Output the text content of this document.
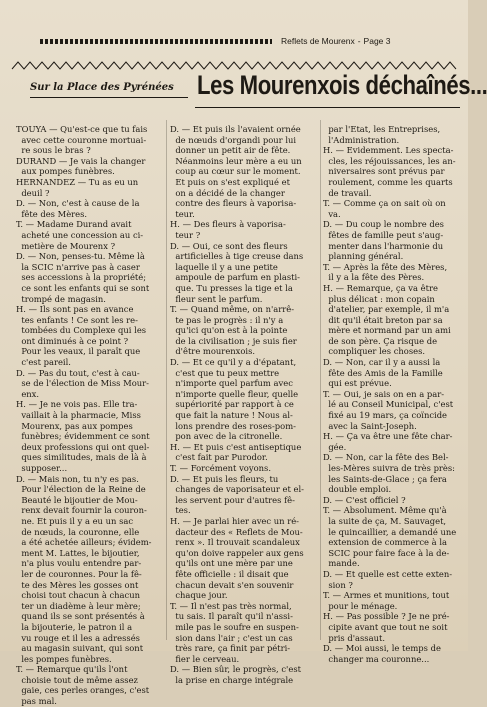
Reflets de Mourenx - Page 3
Sur la Place des Pyrénées Les Mourenxois déchaînés...

TOUYA — Qu'est-ce que tu fais

avec cette couronne mortuai-

re sous le bras ?

DURAND — Je vais la changer

aux pompes funèbres.

HERNANDEZ — Tu as eu un

deuil ?

D. — Non, c'est à cause de la

fête des Mères.

T. — Madame Durand avait

acheté une concession au ci-

metière de Mourenx ?

D. — Non, penses-tu. Même là

la SCIC n'arrive pas à caser

ses accessions à la propriété;

ce sont les enfants qui se sont

trompé de magasin.

H. — Ils sont pas en avance

tes enfants ! Ce sont les re-

tombées du Complexe qui les

ont diminués à ce point ?

Pour les veaux, il paraît que

c'est pareil.

D. — Pas du tout, c'est à cau-

se de l'élection de Miss Mour-

enx.

H. — Je ne vois pas. Elle tra-

vaillait à la pharmacie, Miss

Mourenx, pas aux pompes

funèbres; évidemment ce sont

deux professions qui ont quel-

ques similitudes, mais de là à

supposer...

D. — Mais non, tu n'y es pas.

Pour l'élection de la Reine de

Beauté le bijoutier de Mou-

renx devait fournir la couron-

ne. Et puis il y a eu un sac

de nœuds, la couronne, elle

a été achetée ailleurs; évidem-

ment M. Lattes, le bijoutier,

n'a plus voulu entendre par-

ler de couronnes. Pour la fê-

te des Mères les gosses ont

choisi tout chacun à chacun

ter un diadème à leur mère;

quand ils se sont présentés à

la bijouterie, le patron il a

vu rouge et il les a adressés

au magasin suivant, qui sont

les pompes funèbres.

T. — Remarque qu'ils l'ont

choisie tout de même assez

gaie, ces perles oranges, c'est

pas mal.

D. — Et puis ils l'avaient ornée

de nœuds d'organdi pour lui

donner un petit air de fête.

Néanmoins leur mère a eu un

coup au cœur sur le moment.

Et puis on s'est expliqué et

on a décidé de la changer

contre des fleurs à vaporisa-

teur.

H. — Des fleurs à vaporisa-

teur ?

D. — Oui, ce sont des fleurs

artificielles à tige creuse dans

laquelle il y a une petite

ampoule de parfum en plasti-

que. Tu presses la tige et la

fleur sent le parfum.

T. — Quand même, on n'arrê-

te pas le progrès : il n'y a

qu'ici qu'on est à la pointe

de la civilisation ; je suis fier

d'être mourenxois.

D. — Et ce qu'il y a d'épatant,

c'est que tu peux mettre

n'importe quel parfum avec

n'importe quelle fleur, quelle

supériorité par rapport à ce

que fait la nature ! Nous al-

lons prendre des roses-pom-

pon avec de la citronelle.

H. — Et puis c'est antiseptique

c'est fait par Purodor.

T. — Forcément voyons.

D. — Et puis les fleurs, tu

changes de vaporisateur et el-

les servent pour d'autres fê-

tes.

H. — Je parlai hier avec un ré-

dacteur des « Reflets de Mou-

renx ». Il trouvait scandaleux

qu'on doive rappeler aux gens

qu'ils ont une mère par une

fête officielle : il disait que

chacun devait s'en souvenir

chaque jour.

T. — Il n'est pas très normal,

tu sais. Il paraît qu'il n'assi-

mile pas le soufre en suspen-

sion dans l'air ; c'est un cas

très rare, ça finit par pétri-

fier le cerveau.

D. — Bien sûr, le progrès, c'est

la prise en charge intégrale

par l'Etat, les Entreprises,

l'Administration.

H. — Evidemment. Les specta-

cles, les réjouissances, les an-

niversaires sont prévus par

roulement, comme les quarts

de travail.

T. — Comme ça on sait où on

va.

D. — Du coup le nombre des

fêtes de famille peut s'aug-

menter dans l'harmonie du

planning général.

T. — Après la fête des Mères,

il y a la fête des Pères.

H. — Remarque, ça va être

plus délicat : mon copain

d'atelier, par exemple, il m'a

dit qu'il était breton par sa

mère et normand par un ami

de son père. Ça risque de

compliquer les choses.

D. — Non, car il y a aussi la

fête des Amis de la Famille

qui est prévue.

T. — Oui, je sais on en a par-

lé au Conseil Municipal, c'est

fixé au 19 mars, ça coïncide

avec la Saint-Joseph.

H. — Ça va être une fête char-

gée.

D. — Non, car la fête des Bel-

les-Mères suivra de très près:

les Saints-de-Glace ; ça fera

double emploi.

D. — C'est officiel ?

T. — Absolument. Même qu'à

la suite de ça, M. Sauvaget,

le quincaillier, a demandé une

extension de commerce à la

SCIC pour faire face à la de-

mande.

D. — Et quelle est cette exten-

sion ?

T. — Armes et munitions, tout

pour le ménage.

H. — Pas possible ? Je ne pré-

cipite avant que tout ne soit

pris d'assaut.

D. — Moi aussi, le temps de

changer ma couronne...
